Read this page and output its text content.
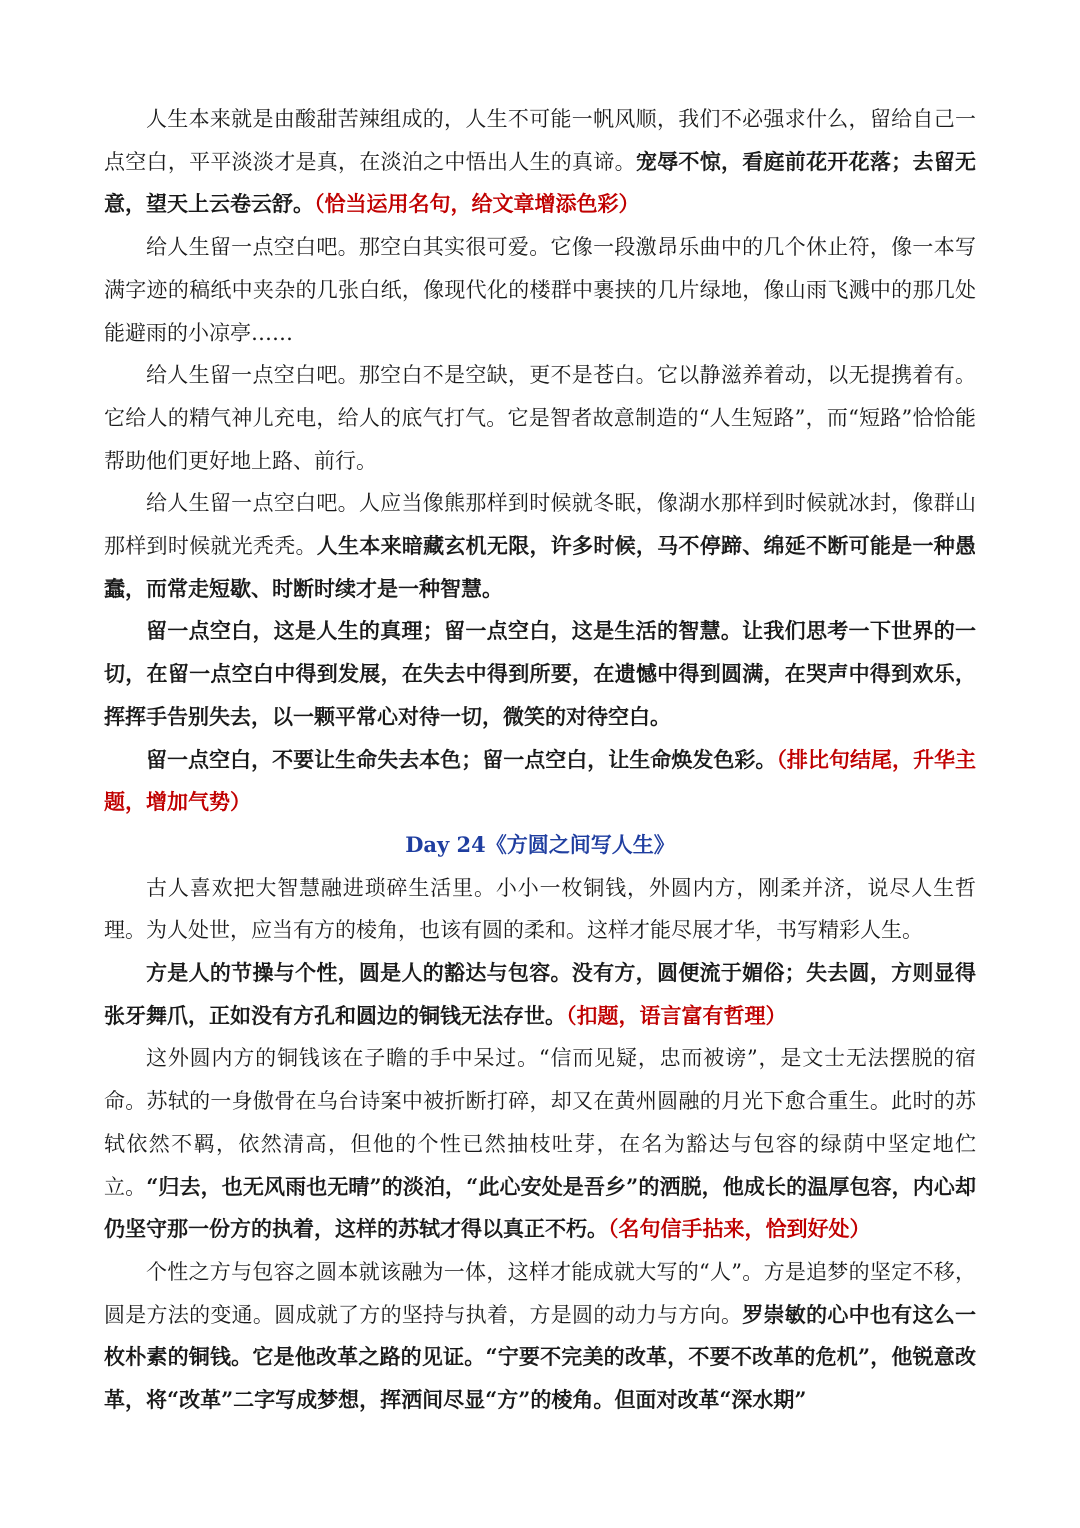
人生本来就是由酸甜苦辣组成的，人生不可能一帆风顺，我们不必强求什么，留给自己一点空白，平平淡淡才是真，在淡泊之中悟出人生的真谛。宠辱不惊，看庭前花开花落；去留无意，望天上云卷云舒。（恰当运用名句，给文章增添色彩）

给人生留一点空白吧。那空白其实很可爱。它像一段激昂乐曲中的几个休止符，像一本写满字迹的稿纸中夹杂的几张白纸，像现代化的楼群中裹挟的几片绿地，像山雨飞溅中的那几处能避雨的小凉亭……

给人生留一点空白吧。那空白不是空缺，更不是苍白。它以静滋养着动，以无提携着有。它给人的精气神儿充电，给人的底气打气。它是智者故意制造的“人生短路”，而“短路”恰恰能帮助他们更好地上路、前行。

给人生留一点空白吧。人应当像熊那样到时候就冬眠，像湖水那样到时候就冰封，像群山那样到时候就光秃秃。人生本来暗藏玄机无限，许多时候，马不停蹄、绵延不断可能是一种愚蠢，而常走短歇、时断时续才是一种智慧。

留一点空白，这是人生的真理；留一点空白，这是生活的智慧。让我们思考一下世界的一切，在留一点空白中得到发展，在失去中得到所要，在遗憾中得到圆满，在哭声中得到欢乐，挥挥手告别失去，以一颗平常心对待一切，微笑的对待空白。

留一点空白，不要让生命失去本色；留一点空白，让生命焕发色彩。（排比句结尾，升华主题，增加气势）

Day 24《方圆之间写人生》

古人喜欢把大智慧融进琐碎生活里。小小一枚铜钱，外圆内方，刚柔并济，说尽人生哲理。为人处世，应当有方的棱角，也该有圆的柔和。这样才能尽展才华，书写精彩人生。

方是人的节操与个性，圆是人的豁达与包容。没有方，圆便流于媚俗；失去圆，方则显得张牙舞爪，正如没有方孔和圆边的铜钱无法存世。（扣题，语言富有哲理）

这外圆内方的铜钱该在子瞻的手中呆过。“信而见疑，忠而被谤”，是文士无法摆脱的宿命。苏轼的一身傲骨在乌台诗案中被折断打碎，却又在黄州圆融的月光下愈合重生。此时的苏轼依然不羁，依然清高，但他的个性已然抽枝吐芽，在名为豁达与包容的绿荫中坚定地伫立。“归去，也无风雨也无晴”的淡泊，“此心安处是吾乡”的洒脱，他成长的温厚包容，内心却仍坚守那一份方的执着，这样的苏轼才得以真正不朽。（名句信手拈来，恰到好处）

个性之方与包容之圆本就该融为一体，这样才能成就大写的“人”。方是追梦的坚定不移，圆是方法的变通。圆成就了方的坚持与执着，方是圆的动力与方向。罗崇敏的心中也有这么一枚朴素的铜钱。它是他改革之路的见证。“宁要不完美的改革，不要不改革的危机”，他锐意改革，将“改革”二字写成梦想，挥洒间尽显“方”的棱角。但面对改革“深水期”
